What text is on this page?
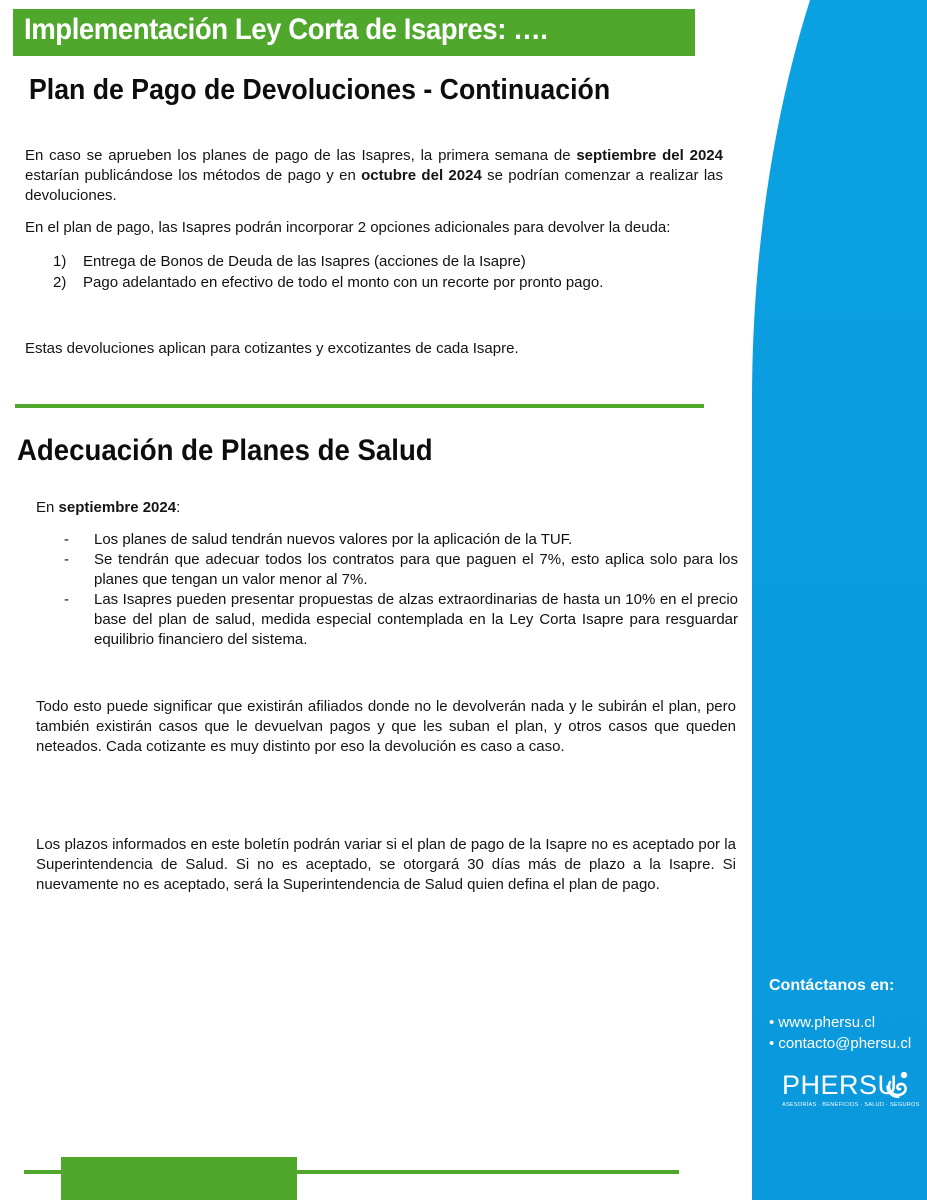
Implementación Ley Corta de Isapres: ….
Plan de Pago de Devoluciones - Continuación
En caso se aprueben los planes de pago de las Isapres, la primera semana de septiembre del 2024 estarían publicándose los métodos de pago y en octubre del 2024 se podrían comenzar a realizar las devoluciones.
En el plan de pago, las Isapres podrán incorporar 2 opciones adicionales para devolver la deuda:
1)	Entrega de Bonos de Deuda de las Isapres (acciones de la Isapre)
2)	Pago adelantado en efectivo de todo el monto con un recorte por pronto pago.
Estas devoluciones aplican para cotizantes y excotizantes de cada Isapre.
Adecuación de Planes de Salud
En septiembre 2024:
-	Los planes de salud tendrán nuevos valores por la aplicación de la TUF.
-	Se tendrán que adecuar todos los contratos para que paguen el 7%, esto aplica solo para los planes que tengan un valor menor al 7%.
-	Las Isapres pueden presentar propuestas de alzas extraordinarias de hasta un 10% en el precio base del plan de salud, medida especial contemplada en la Ley Corta Isapre para resguardar equilibrio financiero del sistema.
Todo esto puede significar que existirán afiliados donde no le devolverán nada y le subirán el plan, pero también existirán casos que le devuelvan pagos y que les suban el plan, y otros casos que queden neteados. Cada cotizante es muy distinto por eso la devolución es caso a caso.
Los plazos informados en este boletín podrán variar si el plan de pago de la Isapre no es aceptado por la Superintendencia de Salud. Si no es aceptado, se otorgará 30 días más de plazo a la Isapre. Si nuevamente no es aceptado, será la Superintendencia de Salud quien defina el plan de pago.
Contáctanos en:
• www.phersu.cl
• contacto@phersu.cl
PHERSU
ASESORÍAS · BENEFICIOS · SALUD · SEGUROS
